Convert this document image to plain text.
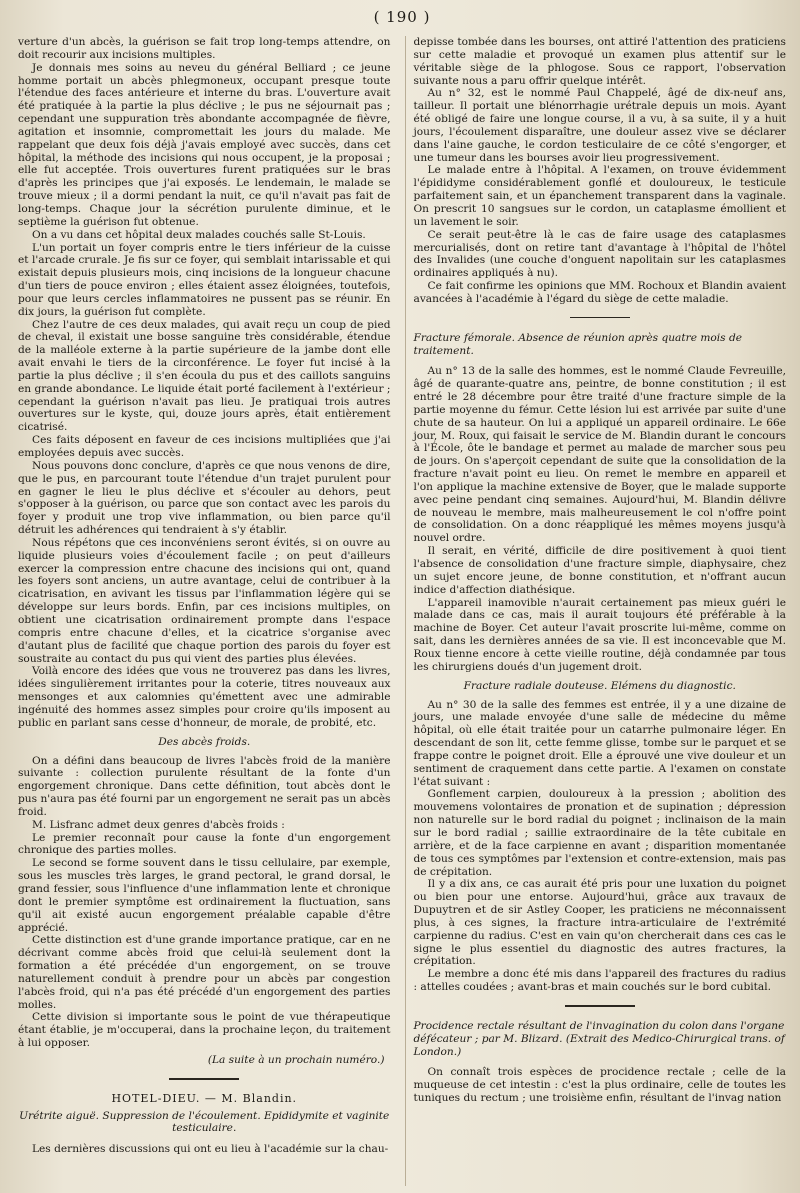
( 190 )

verture d'un abcès, la guérison se fait trop long-temps attendre, on doit recourir aux incisions multiples.

Je donnais mes soins au neveu du général Belliard ; ce jeune homme portait un abcès phlegmoneux, occupant presque toute l'étendue des faces antérieure et interne du bras. L'ouverture avait été pratiquée à la partie la plus déclive ; le pus ne séjournait pas ; cependant une suppuration très abondante accompagnée de fièvre, agitation et insomnie, compromettait les jours du malade. Me rappelant que deux fois déjà j'avais employé avec succès, dans cet hôpital, la méthode des incisions qui nous occupent, je la proposai ; elle fut acceptée. Trois ouvertures furent pratiquées sur le bras d'après les principes que j'ai exposés. Le lendemain, le malade se trouve mieux ; il a dormi pendant la nuit, ce qu'il n'avait pas fait de long-temps. Chaque jour la sécrétion purulente diminue, et le septième la guérison fut obtenue.

On a vu dans cet hôpital deux malades couchés salle St-Louis.

L'un portait un foyer compris entre le tiers inférieur de la cuisse et l'arcade crurale. Je fis sur ce foyer, qui semblait intarissable et qui existait depuis plusieurs mois, cinq incisions de la longueur chacune d'un tiers de pouce environ ; elles étaient assez éloignées, toutefois, pour que leurs cercles inflammatoires ne pussent pas se réunir. En dix jours, la guérison fut complète.

Chez l'autre de ces deux malades, qui avait reçu un coup de pied de cheval, il existait une bosse sanguine très considérable, étendue de la malléole externe à la partie supérieure de la jambe dont elle avait envahi le tiers de la circonférence. Le foyer fut incisé à la partie la plus déclive ; il s'en écoula du pus et des caillots sanguins en grande abondance. Le liquide était porté facilement à l'extérieur ; cependant la guérison n'avait pas lieu. Je pratiquai trois autres ouvertures sur le kyste, qui, douze jours après, était entièrement cicatrisé.

Ces faits déposent en faveur de ces incisions multipliées que j'ai employées depuis avec succès.

Nous pouvons donc conclure, d'après ce que nous venons de dire, que le pus, en parcourant toute l'étendue d'un trajet purulent pour en gagner le lieu le plus déclive et s'écouler au dehors, peut s'opposer à la guérison, ou parce que son contact avec les parois du foyer y produit une trop vive inflammation, ou bien parce qu'il détruit les adhérences qui tendraient à s'y établir.

Nous répétons que ces inconvéniens seront évités, si on ouvre au liquide plusieurs voies d'écoulement facile ; on peut d'ailleurs exercer la compression entre chacune des incisions qui ont, quand les foyers sont anciens, un autre avantage, celui de contribuer à la cicatrisation, en avivant les tissus par l'inflammation légère qui se développe sur leurs bords. Enfin, par ces incisions multiples, on obtient une cicatrisation ordinairement prompte dans l'espace compris entre chacune d'elles, et la cicatrice s'organise avec d'autant plus de facilité que chaque portion des parois du foyer est soustraite au contact du pus qui vient des parties plus élevées.

Voilà encore des idées que vous ne trouverez pas dans les livres, idées singulièrement irritantes pour la coterie, titres nouveaux aux mensonges et aux calomnies qu'émettent avec une admirable ingénuité des hommes assez simples pour croire qu'ils imposent au public en parlant sans cesse d'honneur, de morale, de probité, etc.

Des abcès froids.

On a défini dans beaucoup de livres l'abcès froid de la manière suivante : collection purulente résultant de la fonte d'un engorgement chronique. Dans cette définition, tout abcès dont le pus n'aura pas été fourni par un engorgement ne serait pas un abcès froid.

M. Lisfranc admet deux genres d'abcès froids :

Le premier reconnaît pour cause la fonte d'un engorgement chronique des parties molles.

Le second se forme souvent dans le tissu cellulaire, par exemple, sous les muscles très larges, le grand pectoral, le grand dorsal, le grand fessier, sous l'influence d'une inflammation lente et chronique dont le premier symptôme est ordinairement la fluctuation, sans qu'il ait existé aucun engorgement préalable capable d'être apprécié.

Cette distinction est d'une grande importance pratique, car en ne décrivant comme abcès froid que celui-là seulement dont la formation a été précédée d'un engorgement, on se trouve naturellement conduit à prendre pour un abcès par congestion l'abcès froid, qui n'a pas été précédé d'un engorgement des parties molles.

Cette division si importante sous le point de vue thérapeutique étant établie, je m'occuperai, dans la prochaine leçon, du traitement à lui opposer.

(La suite à un prochain numéro.)

HOTEL-DIEU. — M. Blandin.

Urétrite aiguë. Suppression de l'écoulement. Epididymite et vaginite testiculaire.

Les dernières discussions qui ont eu lieu à l'académie sur la chau-

depisse tombée dans les bourses, ont attiré l'attention des praticiens sur cette maladie et provoqué un examen plus attentif sur le véritable siège de la phlogose. Sous ce rapport, l'observation suivante nous a paru offrir quelque intérêt.

Au n° 32, est le nommé Paul Chappelé, âgé de dix-neuf ans, tailleur. Il portait une blénorrhagie urétrale depuis un mois. Ayant été obligé de faire une longue course, il a vu, à sa suite, il y a huit jours, l'écoulement disparaître, une douleur assez vive se déclarer dans l'aine gauche, le cordon testiculaire de ce côté s'engorger, et une tumeur dans les bourses avoir lieu progressivement.

Le malade entre à l'hôpital. A l'examen, on trouve évidemment l'épididyme considérablement gonflé et douloureux, le testicule parfaitement sain, et un épanchement transparent dans la vaginale. On prescrit 10 sangsues sur le cordon, un cataplasme émollient et un lavement le soir.

Ce serait peut-être là le cas de faire usage des cataplasmes mercurialisés, dont on retire tant d'avantage à l'hôpital de l'hôtel des Invalides (une couche d'onguent napolitain sur les cataplasmes ordinaires appliqués à nu).

Ce fait confirme les opinions que MM. Rochoux et Blandin avaient avancées à l'académie à l'égard du siège de cette maladie.

Fracture fémorale. Absence de réunion après quatre mois de traitement.

Au n° 13 de la salle des hommes, est le nommé Claude Fevreuille, âgé de quarante-quatre ans, peintre, de bonne constitution ; il est entré le 28 décembre pour être traité d'une fracture simple de la partie moyenne du fémur. Cette lésion lui est arrivée par suite d'une chute de sa hauteur. On lui a appliqué un appareil ordinaire. Le 66e jour, M. Roux, qui faisait le service de M. Blandin durant le concours à l'École, ôte le bandage et permet au malade de marcher sous peu de jours. On s'aperçoit cependant de suite que la consolidation de la fracture n'avait point eu lieu. On remet le membre en appareil et l'on applique la machine extensive de Boyer, que le malade supporte avec peine pendant cinq semaines. Aujourd'hui, M. Blandin délivre de nouveau le membre, mais malheureusement le col n'offre point de consolidation. On a donc réappliqué les mêmes moyens jusqu'à nouvel ordre.

Il serait, en vérité, difficile de dire positivement à quoi tient l'absence de consolidation d'une fracture simple, diaphysaire, chez un sujet encore jeune, de bonne constitution, et n'offrant aucun indice d'affection diathésique.

L'appareil inamovible n'aurait certainement pas mieux guéri le malade dans ce cas, mais il aurait toujours été préférable à la machine de Boyer. Cet auteur l'avait proscrite lui-même, comme on sait, dans les dernières années de sa vie. Il est inconcevable que M. Roux tienne encore à cette vieille routine, déjà condamnée par tous les chirurgiens doués d'un jugement droit.

Fracture radiale douteuse. Elémens du diagnostic.

Au n° 30 de la salle des femmes est entrée, il y a une dizaine de jours, une malade envoyée d'une salle de médecine du même hôpital, où elle était traitée pour un catarrhe pulmonaire léger. En descendant de son lit, cette femme glisse, tombe sur le parquet et se frappe contre le poignet droit. Elle a éprouvé une vive douleur et un sentiment de craquement dans cette partie. A l'examen on constate l'état suivant :

Gonflement carpien, douloureux à la pression ; abolition des mouvemens volontaires de pronation et de supination ; dépression non naturelle sur le bord radial du poignet ; inclinaison de la main sur le bord radial ; saillie extraordinaire de la tête cubitale en arrière, et de la face carpienne en avant ; disparition momentanée de tous ces symptômes par l'extension et contre-extension, mais pas de crépitation.

Il y a dix ans, ce cas aurait été pris pour une luxation du poignet ou bien pour une entorse. Aujourd'hui, grâce aux travaux de Dupuytren et de sir Astley Cooper, les praticiens ne méconnaissent plus, à ces signes, la fracture intra-articulaire de l'extrémité carpienne du radius. C'est en vain qu'on chercherait dans ces cas le signe le plus essentiel du diagnostic des autres fractures, la crépitation.

Le membre a donc été mis dans l'appareil des fractures du radius : attelles coudées ; avant-bras et main couchés sur le bord cubital.

Procidence rectale résultant de l'invagination du colon dans l'organe défécateur ; par M. Blizard. (Extrait des Medico-Chirurgical trans. of London.)

On connaît trois espèces de procidence rectale ; celle de la muqueuse de cet intestin : c'est la plus ordinaire, celle de toutes les tuniques du rectum ; une troisième enfin, résultant de l'invag nation
